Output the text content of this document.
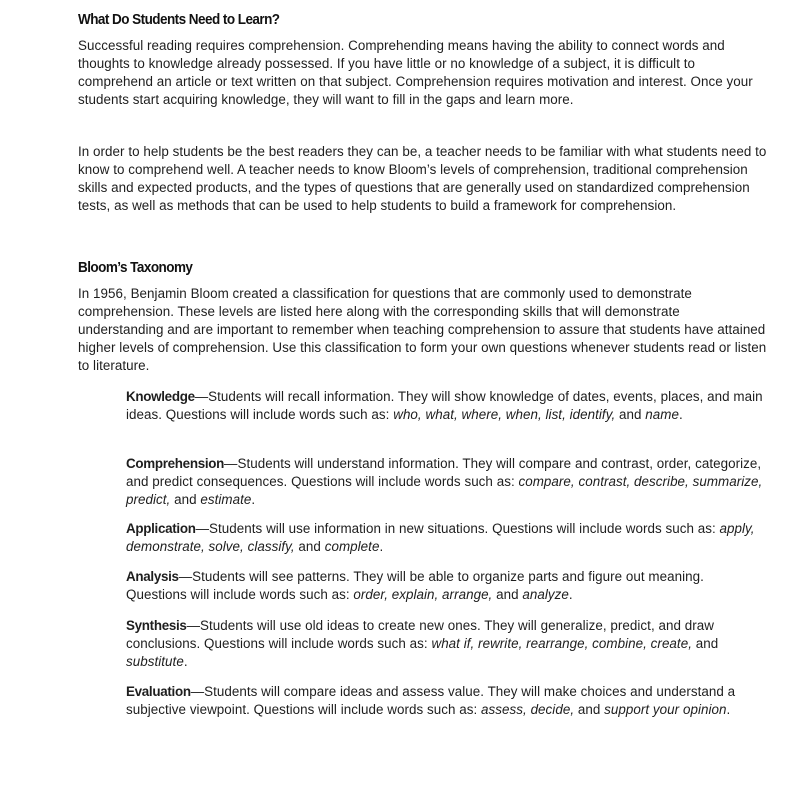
What Do Students Need to Learn?

Successful reading requires comprehension. Comprehending means having the ability to connect words and thoughts to knowledge already possessed. If you have little or no knowledge of a subject, it is difficult to comprehend an article or text written on that subject. Comprehension requires motivation and interest. Once your students start acquiring knowledge, they will want to fill in the gaps and learn more.

In order to help students be the best readers they can be, a teacher needs to be familiar with what students need to know to comprehend well. A teacher needs to know Bloom’s levels of comprehension, traditional comprehension skills and expected products, and the types of questions that are generally used on standardized comprehension tests, as well as methods that can be used to help students to build a framework for comprehension.

Bloom’s Taxonomy

In 1956, Benjamin Bloom created a classification for questions that are commonly used to demonstrate comprehension. These levels are listed here along with the corresponding skills that will demonstrate understanding and are important to remember when teaching comprehension to assure that students have attained higher levels of comprehension. Use this classification to form your own questions whenever students read or listen to literature.

Knowledge—Students will recall information. They will show knowledge of dates, events, places, and main ideas. Questions will include words such as: who, what, where, when, list, identify, and name.

Comprehension—Students will understand information. They will compare and contrast, order, categorize, and predict consequences. Questions will include words such as: compare, contrast, describe, summarize, predict, and estimate.

Application—Students will use information in new situations. Questions will include words such as: apply, demonstrate, solve, classify, and complete.

Analysis—Students will see patterns. They will be able to organize parts and figure out meaning. Questions will include words such as: order, explain, arrange, and analyze.

Synthesis—Students will use old ideas to create new ones. They will generalize, predict, and draw conclusions. Questions will include words such as: what if, rewrite, rearrange, combine, create, and substitute.

Evaluation—Students will compare ideas and assess value. They will make choices and understand a subjective viewpoint. Questions will include words such as: assess, decide, and support your opinion.
